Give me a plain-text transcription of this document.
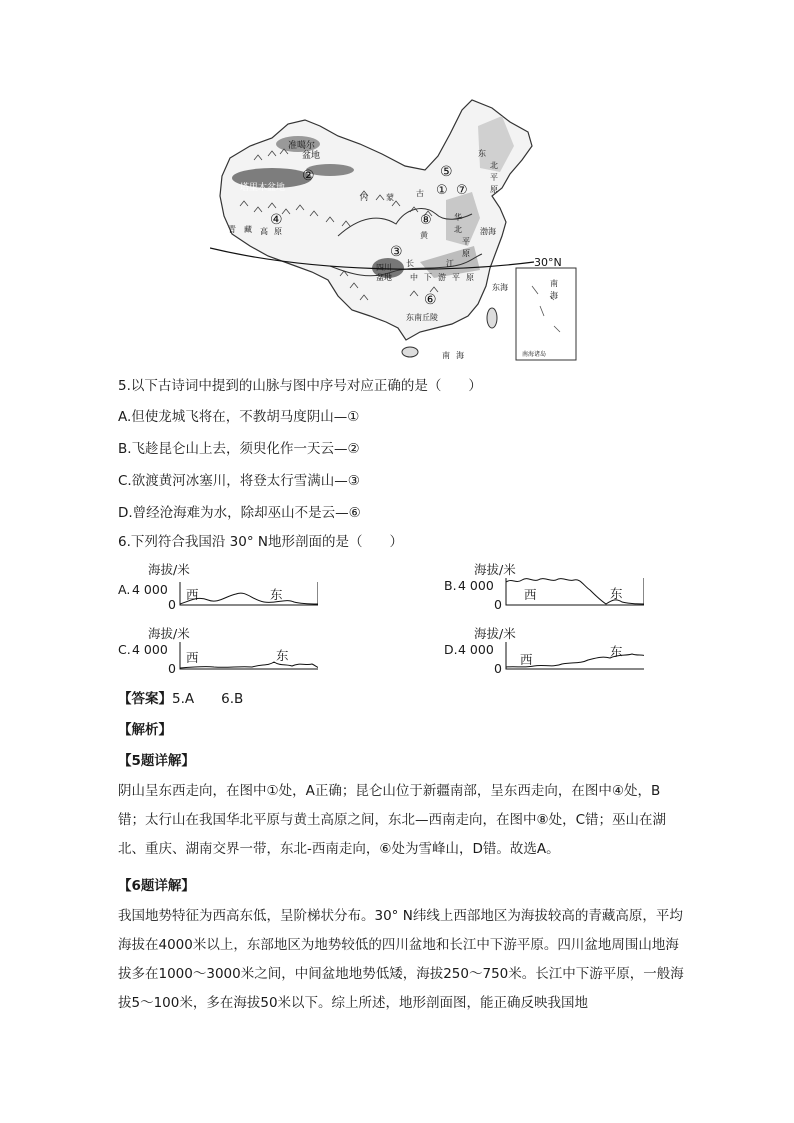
准噶尔
盆地
②
塔里木盆地
④
青 藏 高 原
内 蒙	古
⑤
东
北
平
原
⑦
⑧
①
华
北
平
原
黄	渤海
③
四川
盆地
长	江
中 下 游 平 原
⑥
东南丘陵
东海
南 海
30°N
南
海
南海诸岛
5.以下古诗词中提到的山脉与图中序号对应正确的是（　　）
A.但使龙城飞将在，不教胡马度阴山—①
B.飞趁昆仑山上去，须臾化作一天云—②
C.欲渡黄河冰塞川，将登太行雪满山—③
D.曾经沧海难为水，除却巫山不是云—⑥
6.下列符合我国沿 30° N地形剖面的是（　　）
海拔/米
A. 4 000
0
西	东
海拔/米
B. 4 000
0
西	东
海拔/米
C. 4 000
0
西	东
海拔/米
D. 4 000
0
西
东
【答案】5.A　　6.B
【解析】
【5题详解】
阴山呈东西走向，在图中①处，A正确；昆仑山位于新疆南部，呈东西走向，在图中④处，B错；太行山在我国华北平原与黄土高原之间，东北—西南走向，在图中⑧处，C错；巫山在湖北、重庆、湖南交界一带，东北-西南走向，⑥处为雪峰山，D错。故选A。
【6题详解】
我国地势特征为西高东低，呈阶梯状分布。30° N纬线上西部地区为海拔较高的青藏高原，平均海拔在4000米以上，东部地区为地势较低的四川盆地和长江中下游平原。四川盆地周围山地海拔多在1000～3000米之间，中间盆地地势低矮，海拔250～750米。长江中下游平原，一般海拔5～100米，多在海拔50米以下。综上所述，地形剖面图，能正确反映我国地
